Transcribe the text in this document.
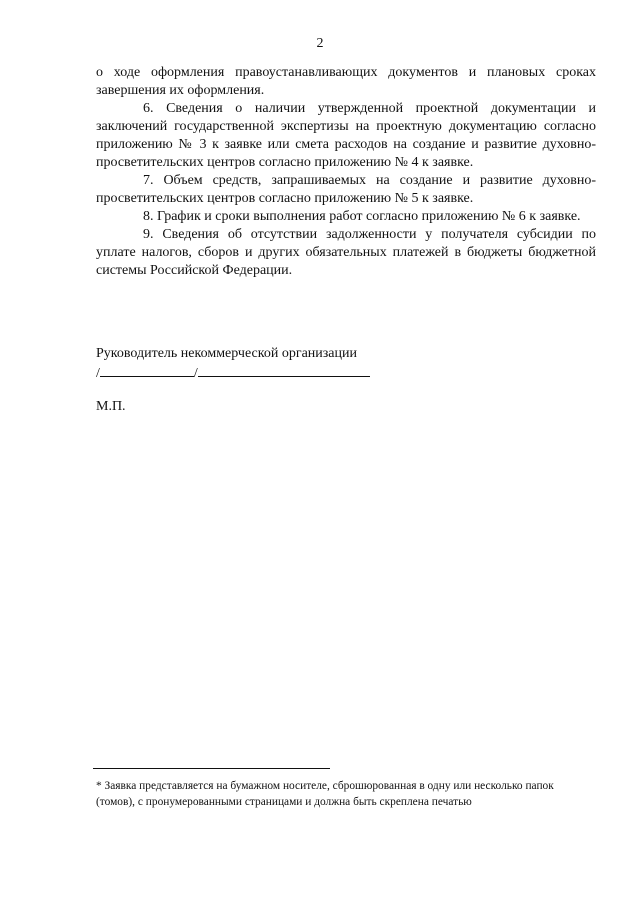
2

о ходе оформления правоустанавливающих документов и плановых сроках завершения их оформления.

6. Сведения о наличии утвержденной проектной документации и заключений государственной экспертизы на проектную документацию согласно приложению № 3 к заявке или смета расходов на создание и развитие духовно-просветительских центров согласно приложению № 4 к заявке.

7. Объем средств, запрашиваемых на создание и развитие духовно-просветительских центров согласно приложению № 5 к заявке.

8. График и сроки выполнения работ согласно приложению № 6 к заявке.

9. Сведения об отсутствии задолженности у получателя субсидии по уплате налогов, сборов и других обязательных платежей в бюджеты бюджетной системы Российской Федерации.

Руководитель некоммерческой организации
/	/
М.П.
* Заявка представляется на бумажном носителе, сброшюрованная в одну или несколько папок (томов), с пронумерованными страницами и должна быть скреплена печатью
